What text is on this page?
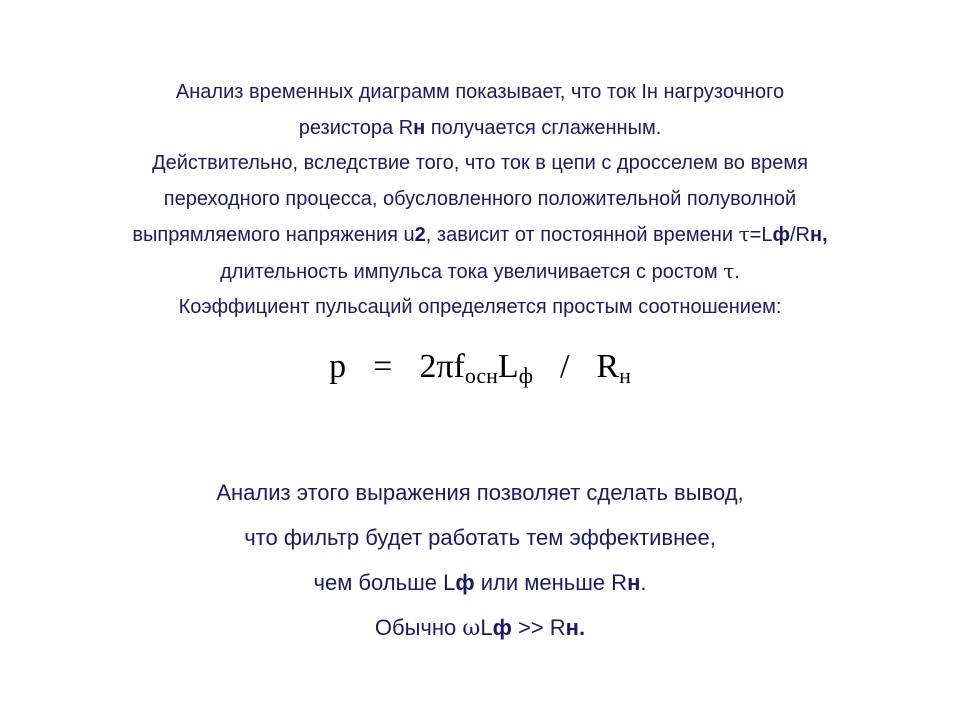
Анализ временных диаграмм показывает, что ток Iн нагрузочного
резистора Rн получается сглаженным.
Действительно, вследствие того, что ток в цепи с дросселем во время
переходного процесса, обусловленного положительной полуволной
выпрямляемого напряжения u2, зависит от постоянной времени τ=Lф/Rн,
длительность импульса тока увеличивается с ростом τ.
Коэффициент пульсаций определяется простым соотношением:
$p = 2\pi f_{осн}L_ф / R_н$
Анализ этого выражения позволяет сделать вывод,
что фильтр будет работать тем эффективнее,
чем больше Lф или меньше Rн.
Обычно ωLф >> Rн.
